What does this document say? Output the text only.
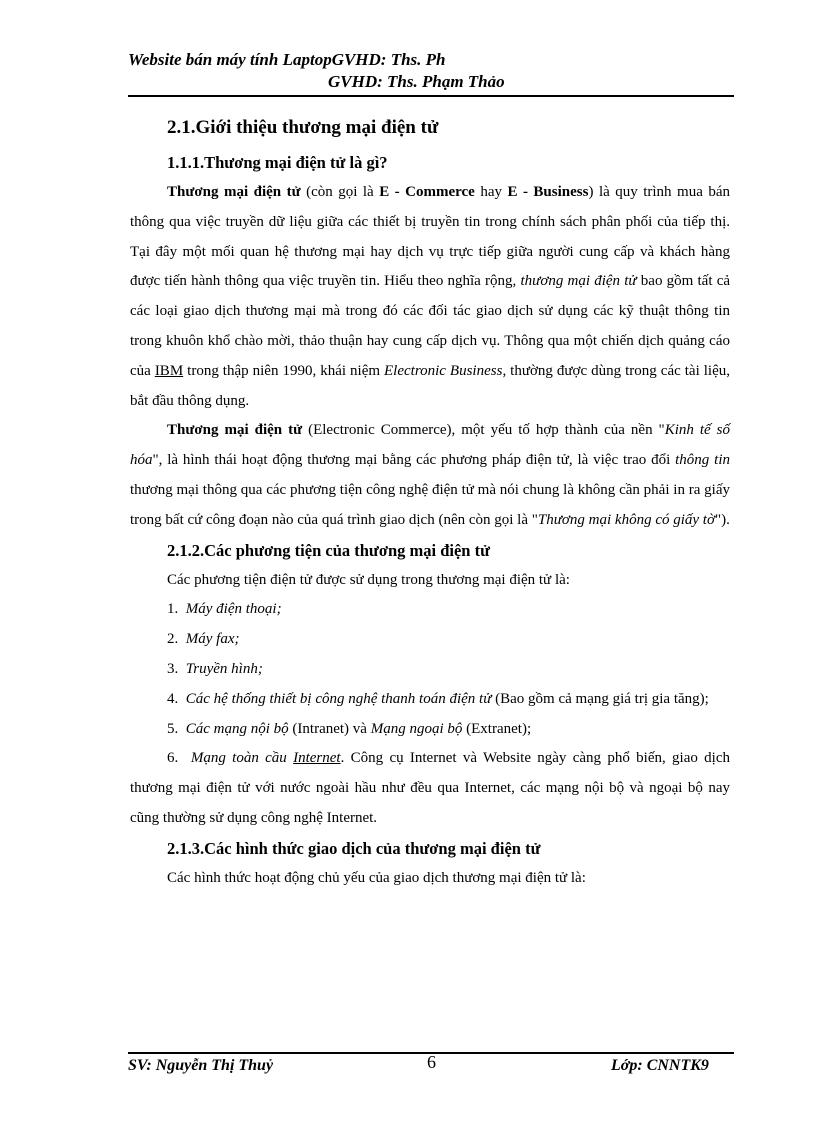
Website bán máy tính LaptopGVHD: Ths. Ph
GVHD: Ths. Phạm Thảo
2.1.Giới thiệu thương mại điện tử
1.1.1.Thương mại điện tử là gì?

Thương mại điện tử (còn gọi là E - Commerce hay E - Business) là quy trình mua bán thông qua việc truyền dữ liệu giữa các thiết bị truyền tin trong chính sách phân phối của tiếp thị. Tại đây một mối quan hệ thương mại hay dịch vụ trực tiếp giữa người cung cấp và khách hàng được tiến hành thông qua việc truyền tin. Hiểu theo nghĩa rộng, thương mại điện tử bao gồm tất cả các loại giao dịch thương mại mà trong đó các đối tác giao dịch sử dụng các kỹ thuật thông tin trong khuôn khổ chào mời, thảo thuận hay cung cấp dịch vụ. Thông qua một chiến dịch quảng cáo của IBM trong thập niên 1990, khái niệm Electronic Business, thường được dùng trong các tài liệu, bắt đầu thông dụng.

Thương mại điện tử (Electronic Commerce), một yếu tố hợp thành của nền "Kinh tế số hóa", là hình thái hoạt động thương mại bằng các phương pháp điện tử, là việc trao đổi thông tin thương mại thông qua các phương tiện công nghệ điện tử mà nói chung là không cần phải in ra giấy trong bất cứ công đoạn nào của quá trình giao dịch (nên còn gọi là "Thương mại không có giấy tờ").

2.1.2.Các phương tiện của thương mại điện tử

Các phương tiện điện tử được sử dụng trong thương mại điện tử là:

1. Máy điện thoại;

2. Máy fax;

3. Truyền hình;

4. Các hệ thống thiết bị công nghệ thanh toán điện tử (Bao gồm cả mạng giá trị gia tăng);

5. Các mạng nội bộ (Intranet) và Mạng ngoại bộ (Extranet);

6. Mạng toàn cầu Internet. Công cụ Internet và Website ngày càng phổ biến, giao dịch thương mại điện tử với nước ngoài hầu như đều qua Internet, các mạng nội bộ và ngoại bộ nay cũng thường sử dụng công nghệ Internet.

2.1.3.Các hình thức giao dịch của thương mại điện tử

Các hình thức hoạt động chủ yếu của giao dịch thương mại điện tử là:

SV: Nguyễn Thị Thuỷ	6	Lớp: CNNTK9
